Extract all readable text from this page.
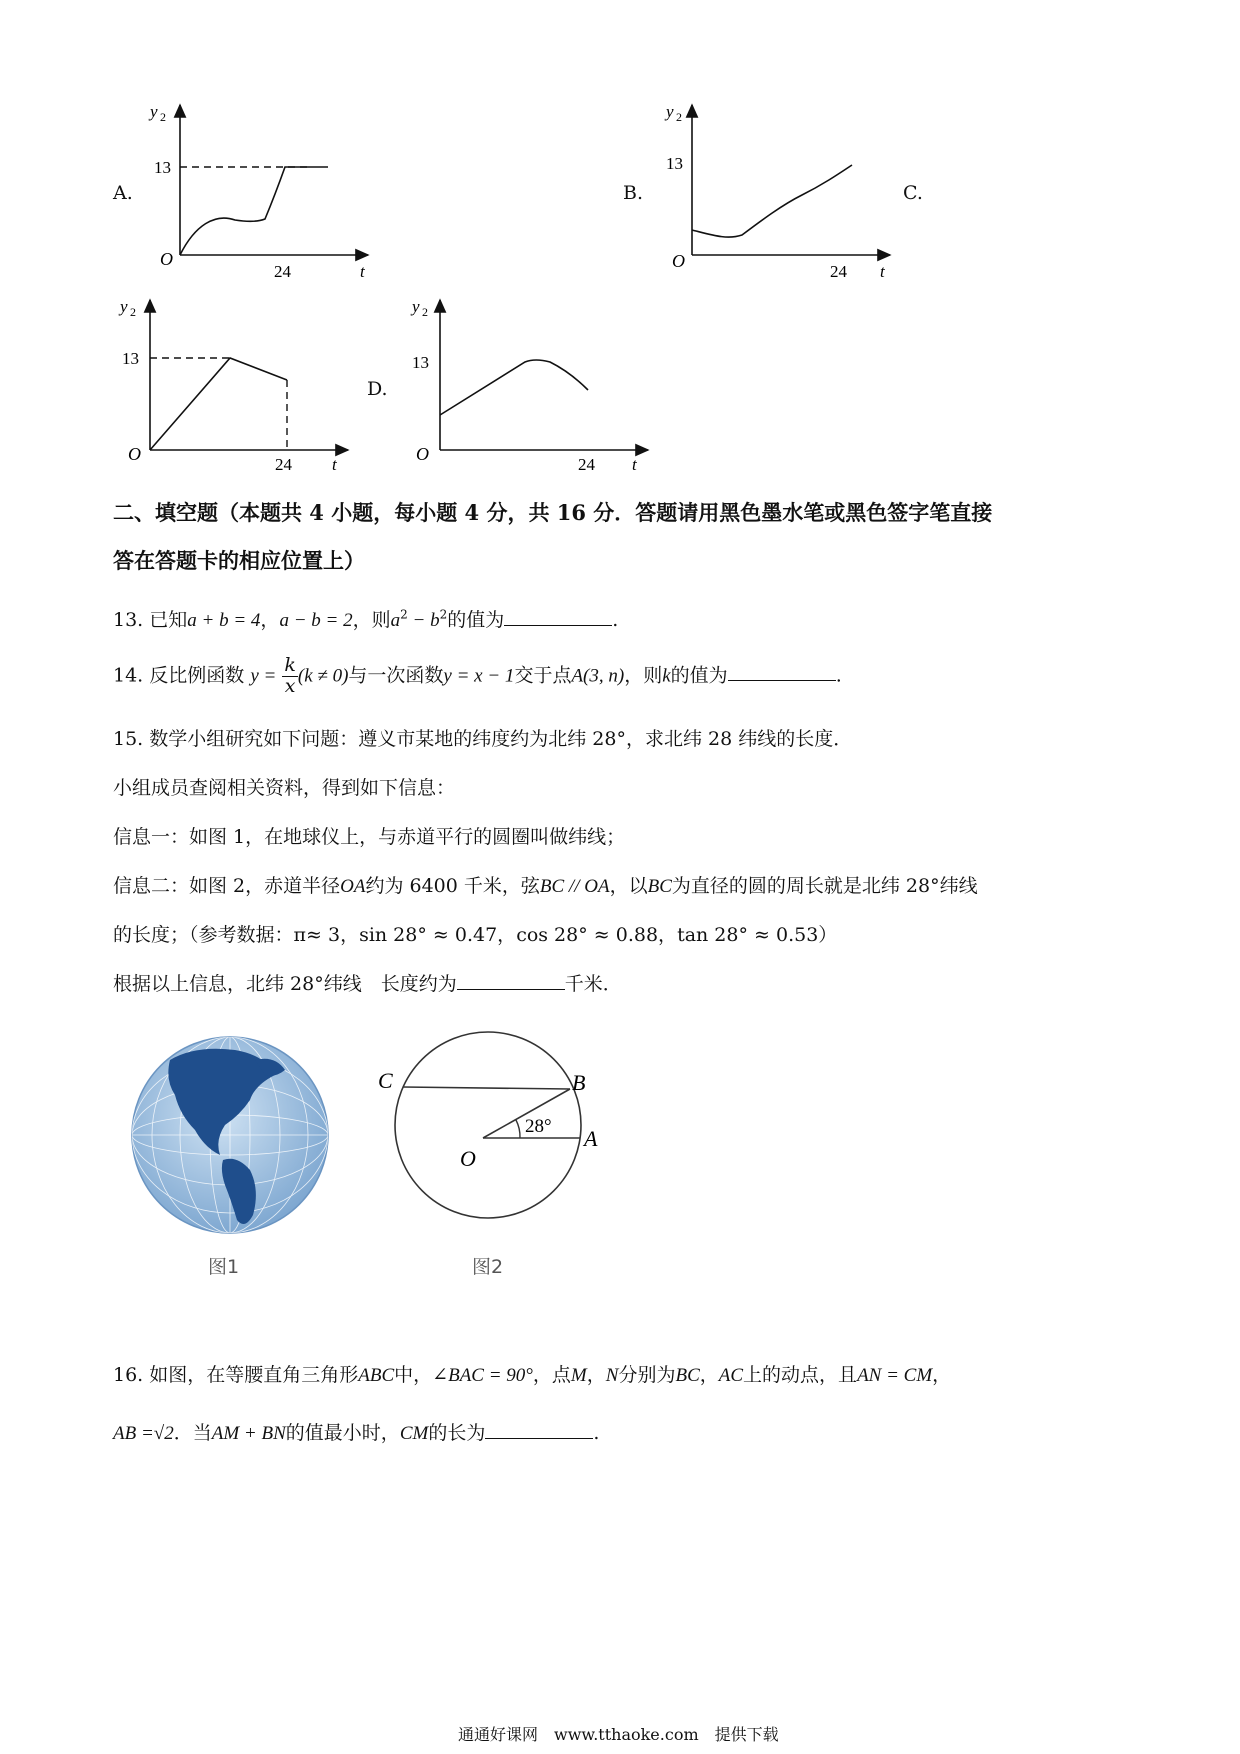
A.
y 2
13
24	t
O
B.
y 2
13
24 t
O
C.
y 2
13
24 t
O
D.
y 2
13
24 t
O
二、填空题（本题共 4 小题，每小题 4 分，共 16 分．答题请用黑色墨水笔或黑色签字笔直接
答在答题卡的相应位置上）
13. 已知a + b = 4，a − b = 2，则$a^2 - b^2$的值为	.
14. 反比例函数 $y = \frac{k}{x} (k \ne 0)$与一次函数y = x − 1交于点A(3, n)，则k的值为	.
15. 数学小组研究如下问题：遵义市某地的纬度约为北纬 28°，求北纬 28 纬线的长度．
小组成员查阅相关资料，得到如下信息：
信息一：如图 1，在地球仪上，与赤道平行的圆圈叫做纬线；
信息二：如图 2，赤道半径OA约为 6400 千米，弦BC // OA，以BC为直径的圆的周长就是北纬 28°纬线
的长度；（参考数据：π≈ 3，sin 28° ≈ 0.47，cos 28° ≈ 0.88，tan 28° ≈ 0.53）
根据以上信息，北纬 28°纬线　长度约为	千米．
图1
C	B
A
O
28°
图2
16. 如图，在等腰直角三角形ABC中，∠BAC = 90°，点M，N分别为BC，AC上的动点，且AN = CM，
AB =√2．当AM + BN的值最小时，CM的长为	.
通通好课网　www.tthaoke.com　提供下载
